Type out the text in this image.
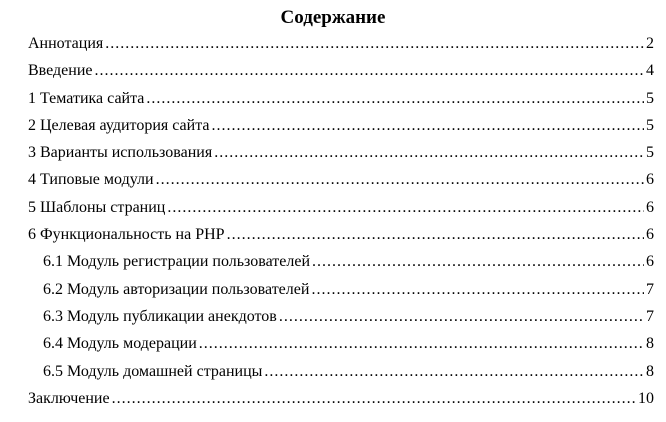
Содержание
Аннотация .....	2
Введение .....	4
1 Тематика сайта .....	5
2 Целевая аудитория сайта .....	5
3 Варианты использования .....	5
4 Типовые модули .....	6
5 Шаблоны страниц .....	6
6 Функциональность на PHP .....	6
6.1 Модуль регистрации пользователей .....	6
6.2 Модуль авторизации пользователей .....	7
6.3 Модуль публикации анекдотов .....	7
6.4 Модуль модерации .....	8
6.5 Модуль домашней страницы .....	8
Заключение .....	10
